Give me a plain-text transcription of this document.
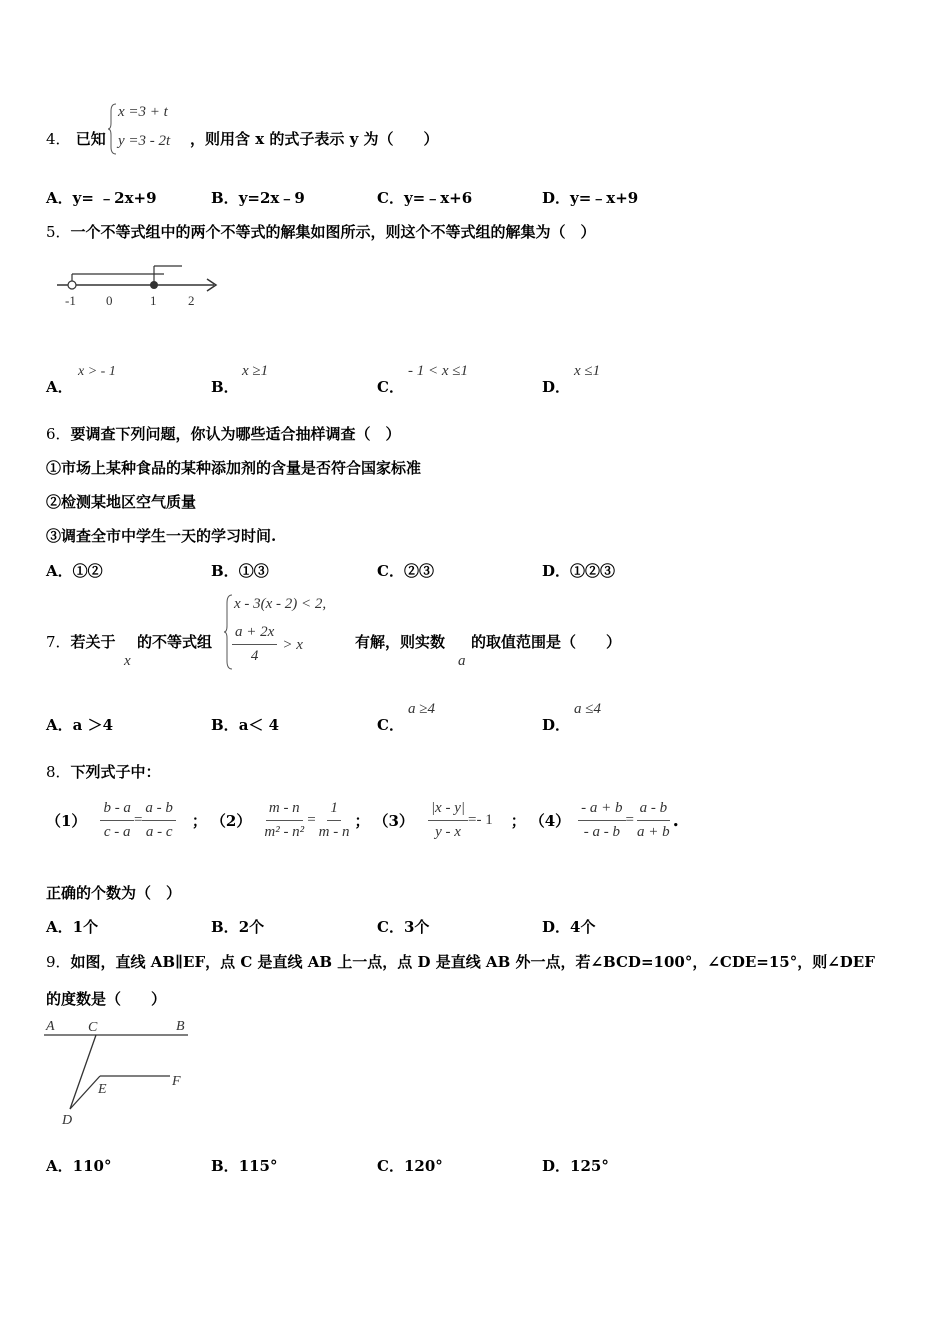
4． 已知
x =3 + t
y =3 - 2t ，则用含 x 的式子表示 y 为（　　）
A．y= ﹣2x+9	B．y=2x﹣9	C．y=﹣x+6	D．y=﹣x+9
5．一个不等式组中的两个不等式的解集如图所示，则这个不等式组的解集为（　）
-1 0	1 2
A．
x > - 1
B．
x ≥1
C．
- 1 < x ≤1
D．
x ≤1
6．要调查下列问题，你认为哪些适合抽样调查（　）
①市场上某种食品的某种添加剂的含量是否符合国家标准
②检测某地区空气质量
③调查全市中学生一天的学习时间.
A．①②	B．①③	C．②③	D．①②③
7．若关于
x
的不等式组
x - 3(x - 2) < 2,
$\frac{a + 2x}{4} > x$	有解，则实数
a
的取值范围是（　　）
A．a ＞4	B．a＜ 4	C．
a ≥4
D．
a ≤4
8．下列式子中：
$(1) \frac{b - a}{c - a} = \frac{a - b}{a - c}$ ； $(2) \frac{m - n}{\text{m² - n²}} = \frac{1}{m - n}$ ； $(3) \frac{|x - y|}{y - x} =- 1$ ； $(4) \frac{- a + b}{- a - b} = \frac{a - b}{a + b}$ .
正确的个数为（　）
A．1个	B．2个	C．3个	D．4个
9．如图，直线 AB∥EF，点 C 是直线 AB 上一点，点 D 是直线 AB 外一点，若∠BCD=100°，∠CDE=15°，则∠DEF
的度数是（　　）
A C	B
E
F
D
A．110°	B．115°	C．120°	D．125°
